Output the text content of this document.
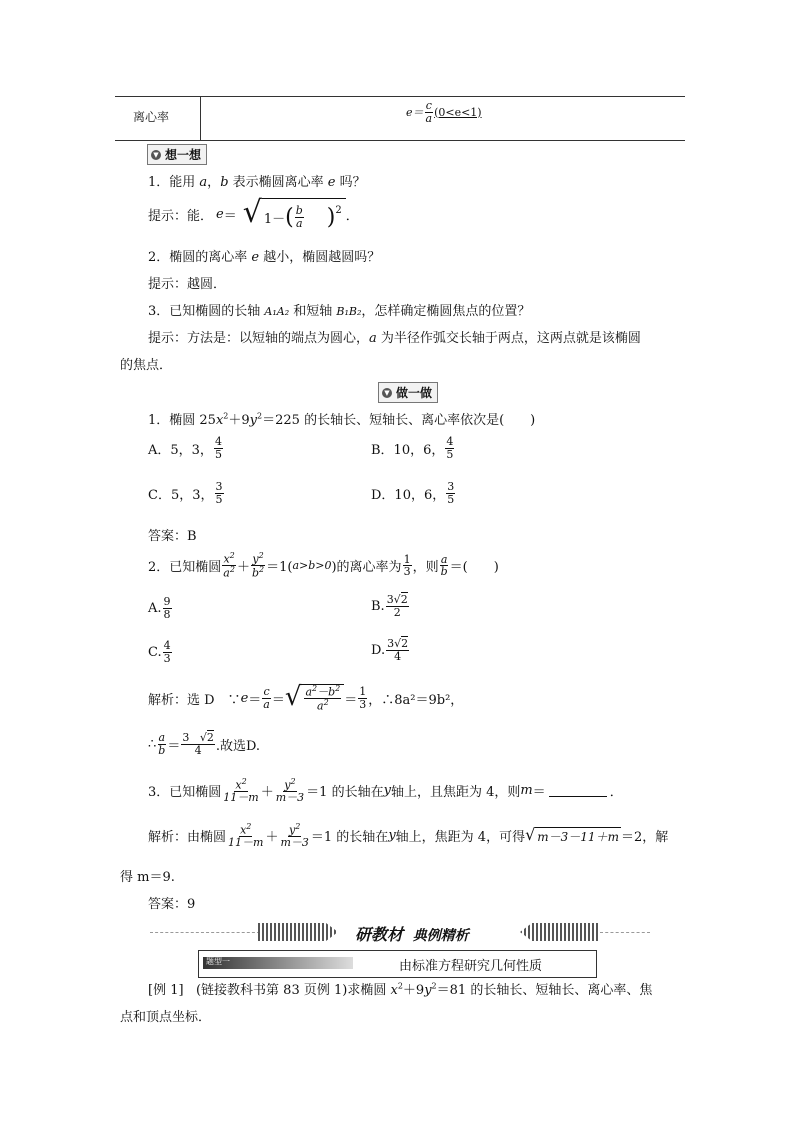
离心率	$e= \frac{c}{a} (0<e<1)$
▼ 想一想
1．能用 a，b 表示椭圆离心率 e 吗？
提示：能． e ＝ √ 1－ ( $\frac{b}{a} )^2$ ．
2．椭圆的离心率 e 越小，椭圆越圆吗？
提示：越圆．
3．已知椭圆的长轴 A₁A₂ 和短轴 B₁B₂，怎样确定椭圆焦点的位置？
提示：方法是：以短轴的端点为圆心，a 为半径作弧交长轴于两点，这两点就是该椭圆
的焦点．
▼ 做一做
1．椭圆 $25x^2+9y^2=225$ 的长轴长、短轴长、离心率依次是(　　)
A．5，3， $\frac{4}{5}$	B．10，6， $\frac{4}{5}$
C．5，3， $\frac{3}{5}$	D．10，6， $\frac{3}{5}$
答案：B
2．已知椭圆 $\frac{x^2}{a^2} + \frac{y^2}{b^2} =1$( a>b>0 )的离心率为 $\frac{1}{3}$ ，则 $\frac{a}{b}$ ＝(　　)
A. $\frac{9}{8}$	B. $\frac{3√2}{2}$
C. $\frac{4}{3}$	D. $\frac{3√2}{4}$
解析：选 D　∵ $e = \frac{c}{a}$ ＝ √ $\frac{a^2-b^2}{a^2} = \frac{1}{3}$ ，∴8a²＝9b²，
∴ $\frac{a}{b} = \frac{3 √2}{4}$ .故选D.
3．已知椭圆 $\frac{x^2}{11-m} + \frac{y^2}{m-3} =1$ 的长轴在 y 轴上，且焦距为 4，则 m ＝	．
解析：由椭圆 $\frac{x^2}{11-m} + \frac{y^2}{m-3} =1$ 的长轴在 y 轴上，焦距为 4，可得 √ m－3－11＋m ＝2，解
得 m＝9.
答案：9
研教材 典例精析
题型一	由标准方程研究几何性质
[例 1] (链接教科书第 83 页例 1)求椭圆 $x^2+9y^2=81$ 的长轴长、短轴长、离心率、焦
点和顶点坐标．
